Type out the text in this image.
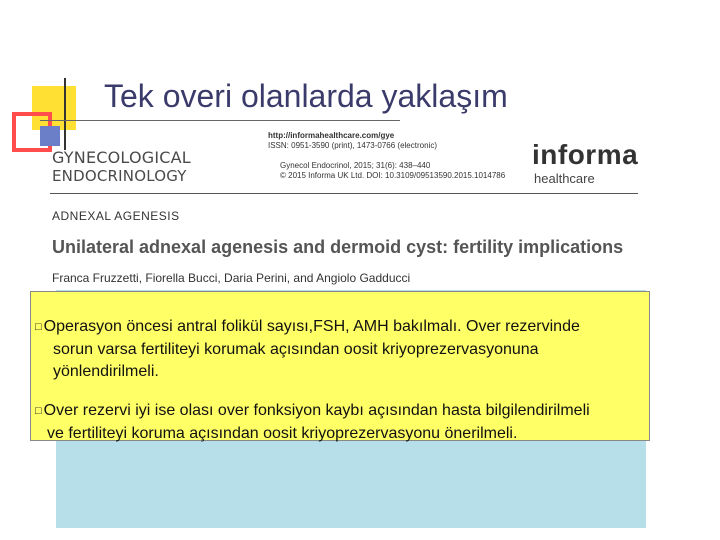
Tek overi olanlarda yaklaşım
GYNECOLOGICAL
ENDOCRINOLOGY
http://informahealthcare.com/gye
ISSN: 0951-3590 (print), 1473-0766 (electronic)
Gynecol Endocrinol, 2015; 31(6): 438–440
© 2015 Informa UK Ltd. DOI: 10.3109/09513590.2015.1014786
informa
healthcare
ADNEXAL AGENESIS
Unilateral adnexal agenesis and dermoid cyst: fertility implications
Franca Fruzzetti, Fiorella Bucci, Daria Perini, and Angiolo Gadducci
□ Operasyon öncesi antral folikül sayısı,FSH, AMH bakılmalı. Over rezervinde
sorun varsa fertiliteyi korumak açısından oosit kriyoprezervasyonuna
yönlendirilmeli.
□ Over rezervi iyi ise olası over fonksiyon kaybı açısından hasta bilgilendirilmeli
ve fertiliteyi koruma açısından oosit kriyoprezervasyonu önerilmeli.
